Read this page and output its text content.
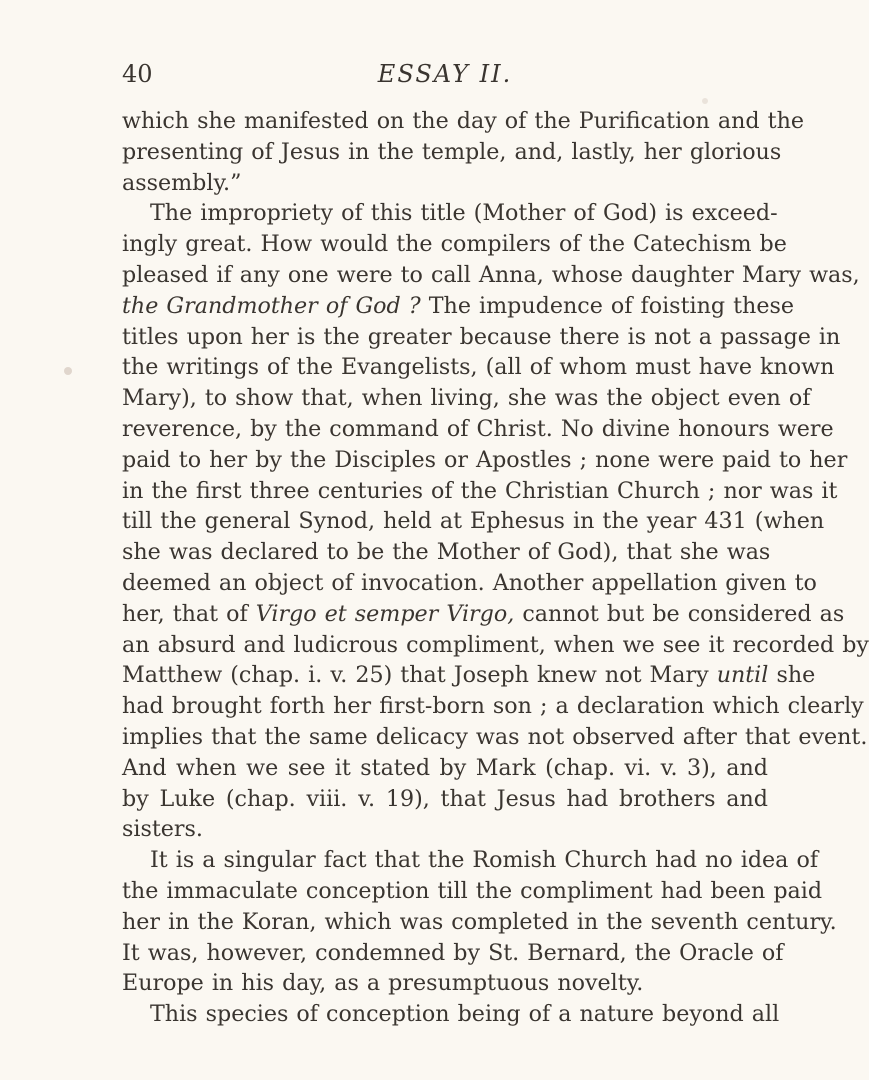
40	ESSAY II.
which she manifested on the day of the Purification and the
presenting of Jesus in the temple, and, lastly, her glorious
assembly.”
The impropriety of this title (Mother of God) is exceed-
ingly great. How would the compilers of the Catechism be
pleased if any one were to call Anna, whose daughter Mary was,
the Grandmother of God ? The impudence of foisting these
titles upon her is the greater because there is not a passage in
the writings of the Evangelists, (all of whom must have known
Mary), to show that, when living, she was the object even of
reverence, by the command of Christ. No divine honours were
paid to her by the Disciples or Apostles ; none were paid to her
in the first three centuries of the Christian Church ; nor was it
till the general Synod, held at Ephesus in the year 431 (when
she was declared to be the Mother of God), that she was
deemed an object of invocation. Another appellation given to
her, that of Virgo et semper Virgo, cannot but be considered as
an absurd and ludicrous compliment, when we see it recorded by
Matthew (chap. i. v. 25) that Joseph knew not Mary until she
had brought forth her first-born son ; a declaration which clearly
implies that the same delicacy was not observed after that event.
And when we see it stated by Mark (chap. vi. v. 3), and
by Luke (chap. viii. v. 19), that Jesus had brothers and
sisters.
It is a singular fact that the Romish Church had no idea of
the immaculate conception till the compliment had been paid
her in the Koran, which was completed in the seventh century.
It was, however, condemned by St. Bernard, the Oracle of
Europe in his day, as a presumptuous novelty.
This species of conception being of a nature beyond all
